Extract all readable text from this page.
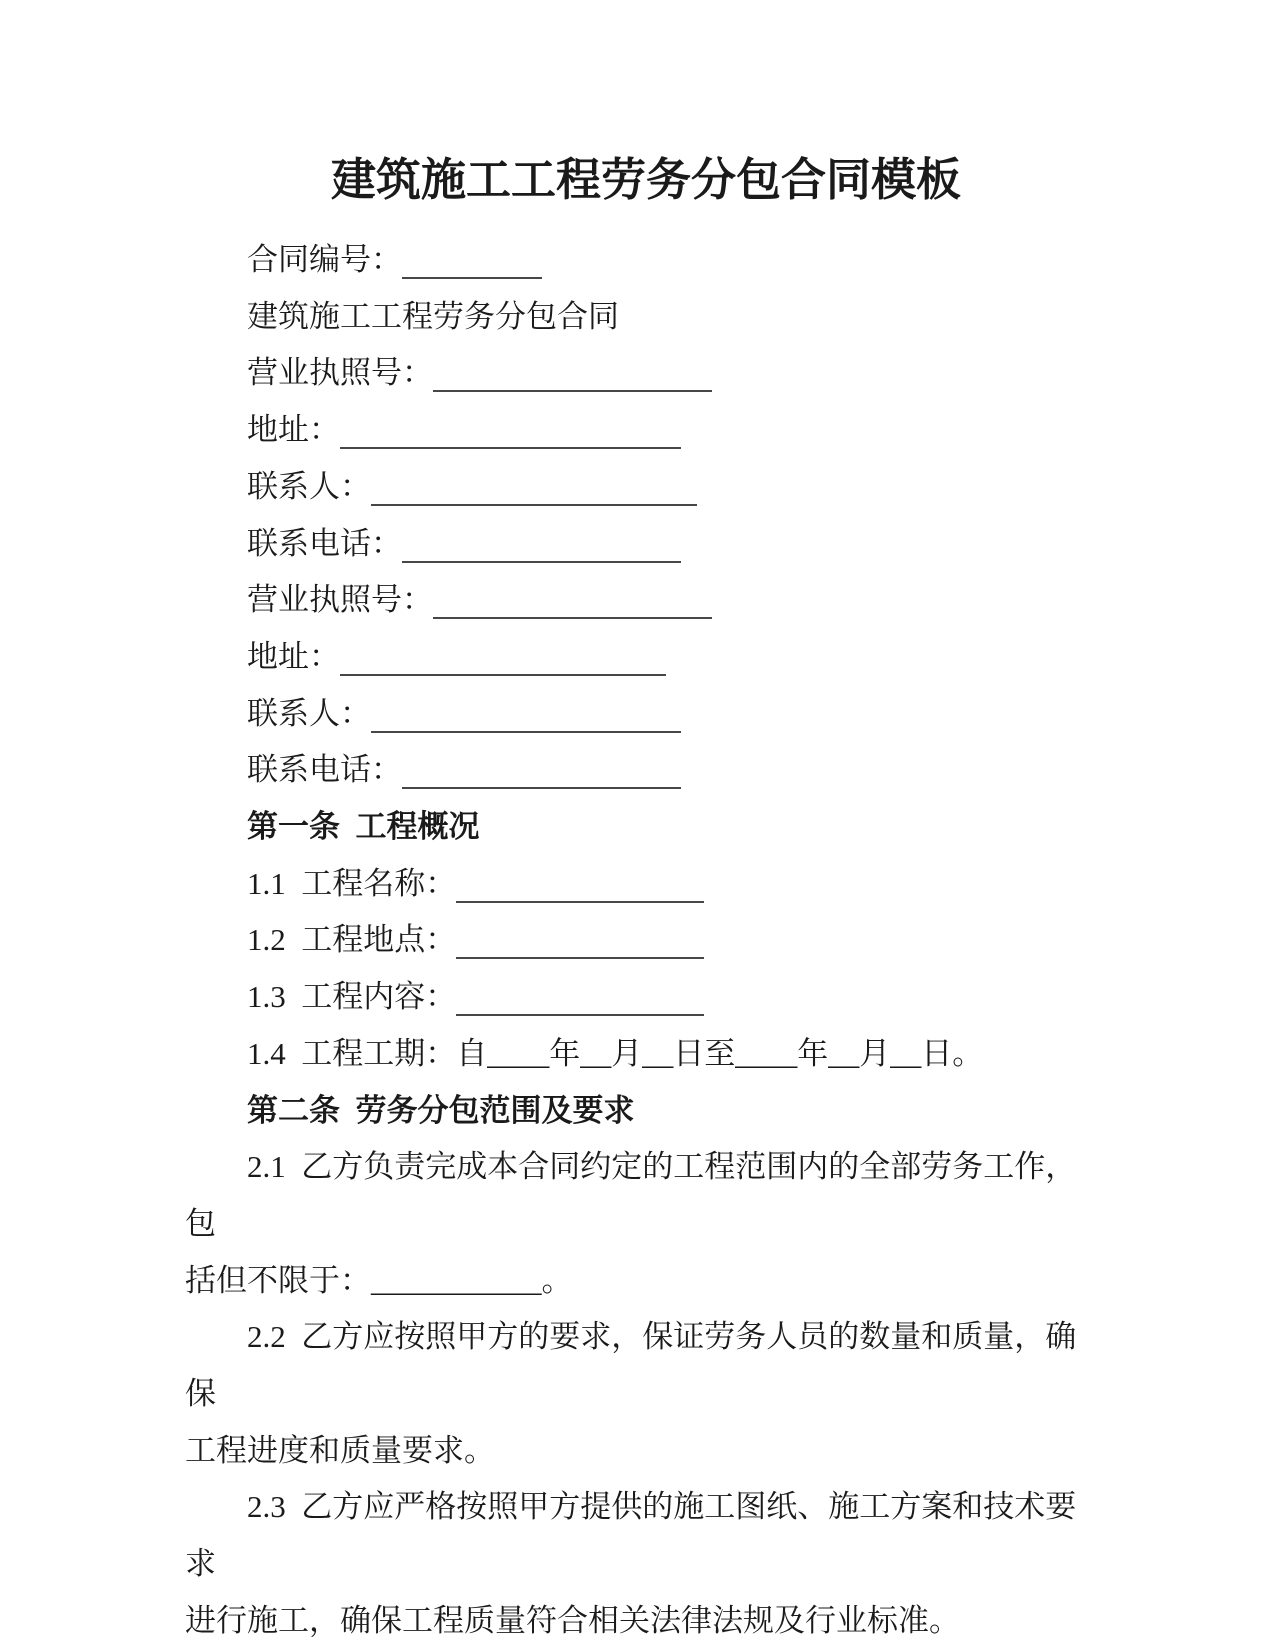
建筑施工工程劳务分包合同模板

合同编号：

建筑施工工程劳务分包合同

营业执照号：

地址：

联系人：

联系电话：

营业执照号：

地址：

联系人：

联系电话：

第一条  工程概况

1.1  工程名称：

1.2  工程地点：

1.3  工程内容：

1.4  工程工期：自____年__月__日至____年__月__日。

第二条  劳务分包范围及要求

2.1  乙方负责完成本合同约定的工程范围内的全部劳务工作，包

括但不限于：___________。

2.2  乙方应按照甲方的要求，保证劳务人员的数量和质量，确保

工程进度和质量要求。

2.3  乙方应严格按照甲方提供的施工图纸、施工方案和技术要求

进行施工，确保工程质量符合相关法律法规及行业标准。
